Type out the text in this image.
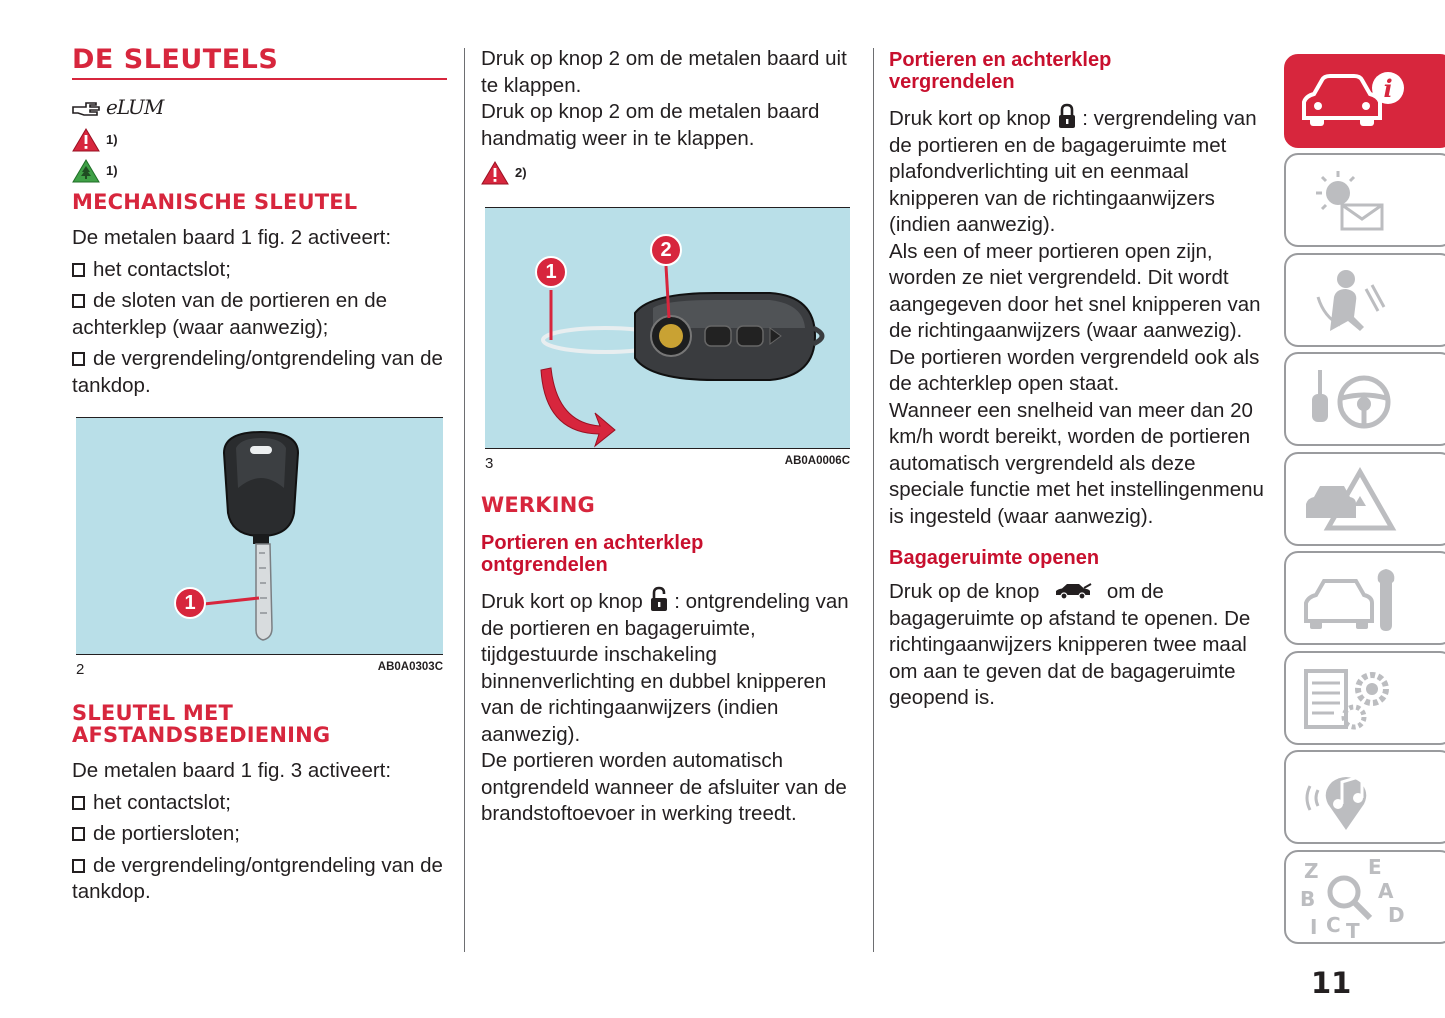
DE SLEUTELS
eLUM
1)
1)
MECHANISCHE SLEUTEL
De metalen baard 1 fig. 2 activeert:
het contactslot;
de sloten van de portieren en de achterklep (waar aanwezig);
de vergrendeling/ontgrendeling van de tankdop.
1
2	AB0A0303C
SLEUTEL MET
AFSTANDSBEDIENING
De metalen baard 1 fig. 3 activeert:
het contactslot;
de portiersloten;
de vergrendeling/ontgrendeling van de tankdop.
Druk op knop 2 om de metalen baard uit te klappen.
Druk op knop 2 om de metalen baard handmatig weer in te klappen.
2)
1
2
3	AB0A0006C
WERKING
Portieren en achterklep
ontgrendelen
Druk kort op knop : ontgrendeling van de portieren en bagageruimte, tijdgestuurde inschakeling binnenverlichting en dubbel knipperen van de richtingaanwijzers (indien aanwezig).
De portieren worden automatisch ontgrendeld wanneer de afsluiter van de brandstoftoevoer in werking treedt.
Portieren en achterklep
vergrendelen
Druk kort op knop : vergrendeling van de portieren en de bagageruimte met plafondverlichting uit en eenmaal knipperen van de richtingaanwijzers (indien aanwezig).
Als een of meer portieren open zijn, worden ze niet vergrendeld. Dit wordt aangegeven door het snel knipperen van de richtingaanwijzers (waar aanwezig). De portieren worden vergrendeld ook als de achterklep open staat.
Wanneer een snelheid van meer dan 20 km/h wordt bereikt, worden de portieren automatisch vergrendeld als deze speciale functie met het instellingenmenu is ingesteld (waar aanwezig).
Bagageruimte openen
Druk op de knop	om de bagageruimte op afstand te openen. De richtingaanwijzers knipperen twee maal om aan te geven dat de bagageruimte geopend is.
i
Z E
A
B
D
I C T
11
